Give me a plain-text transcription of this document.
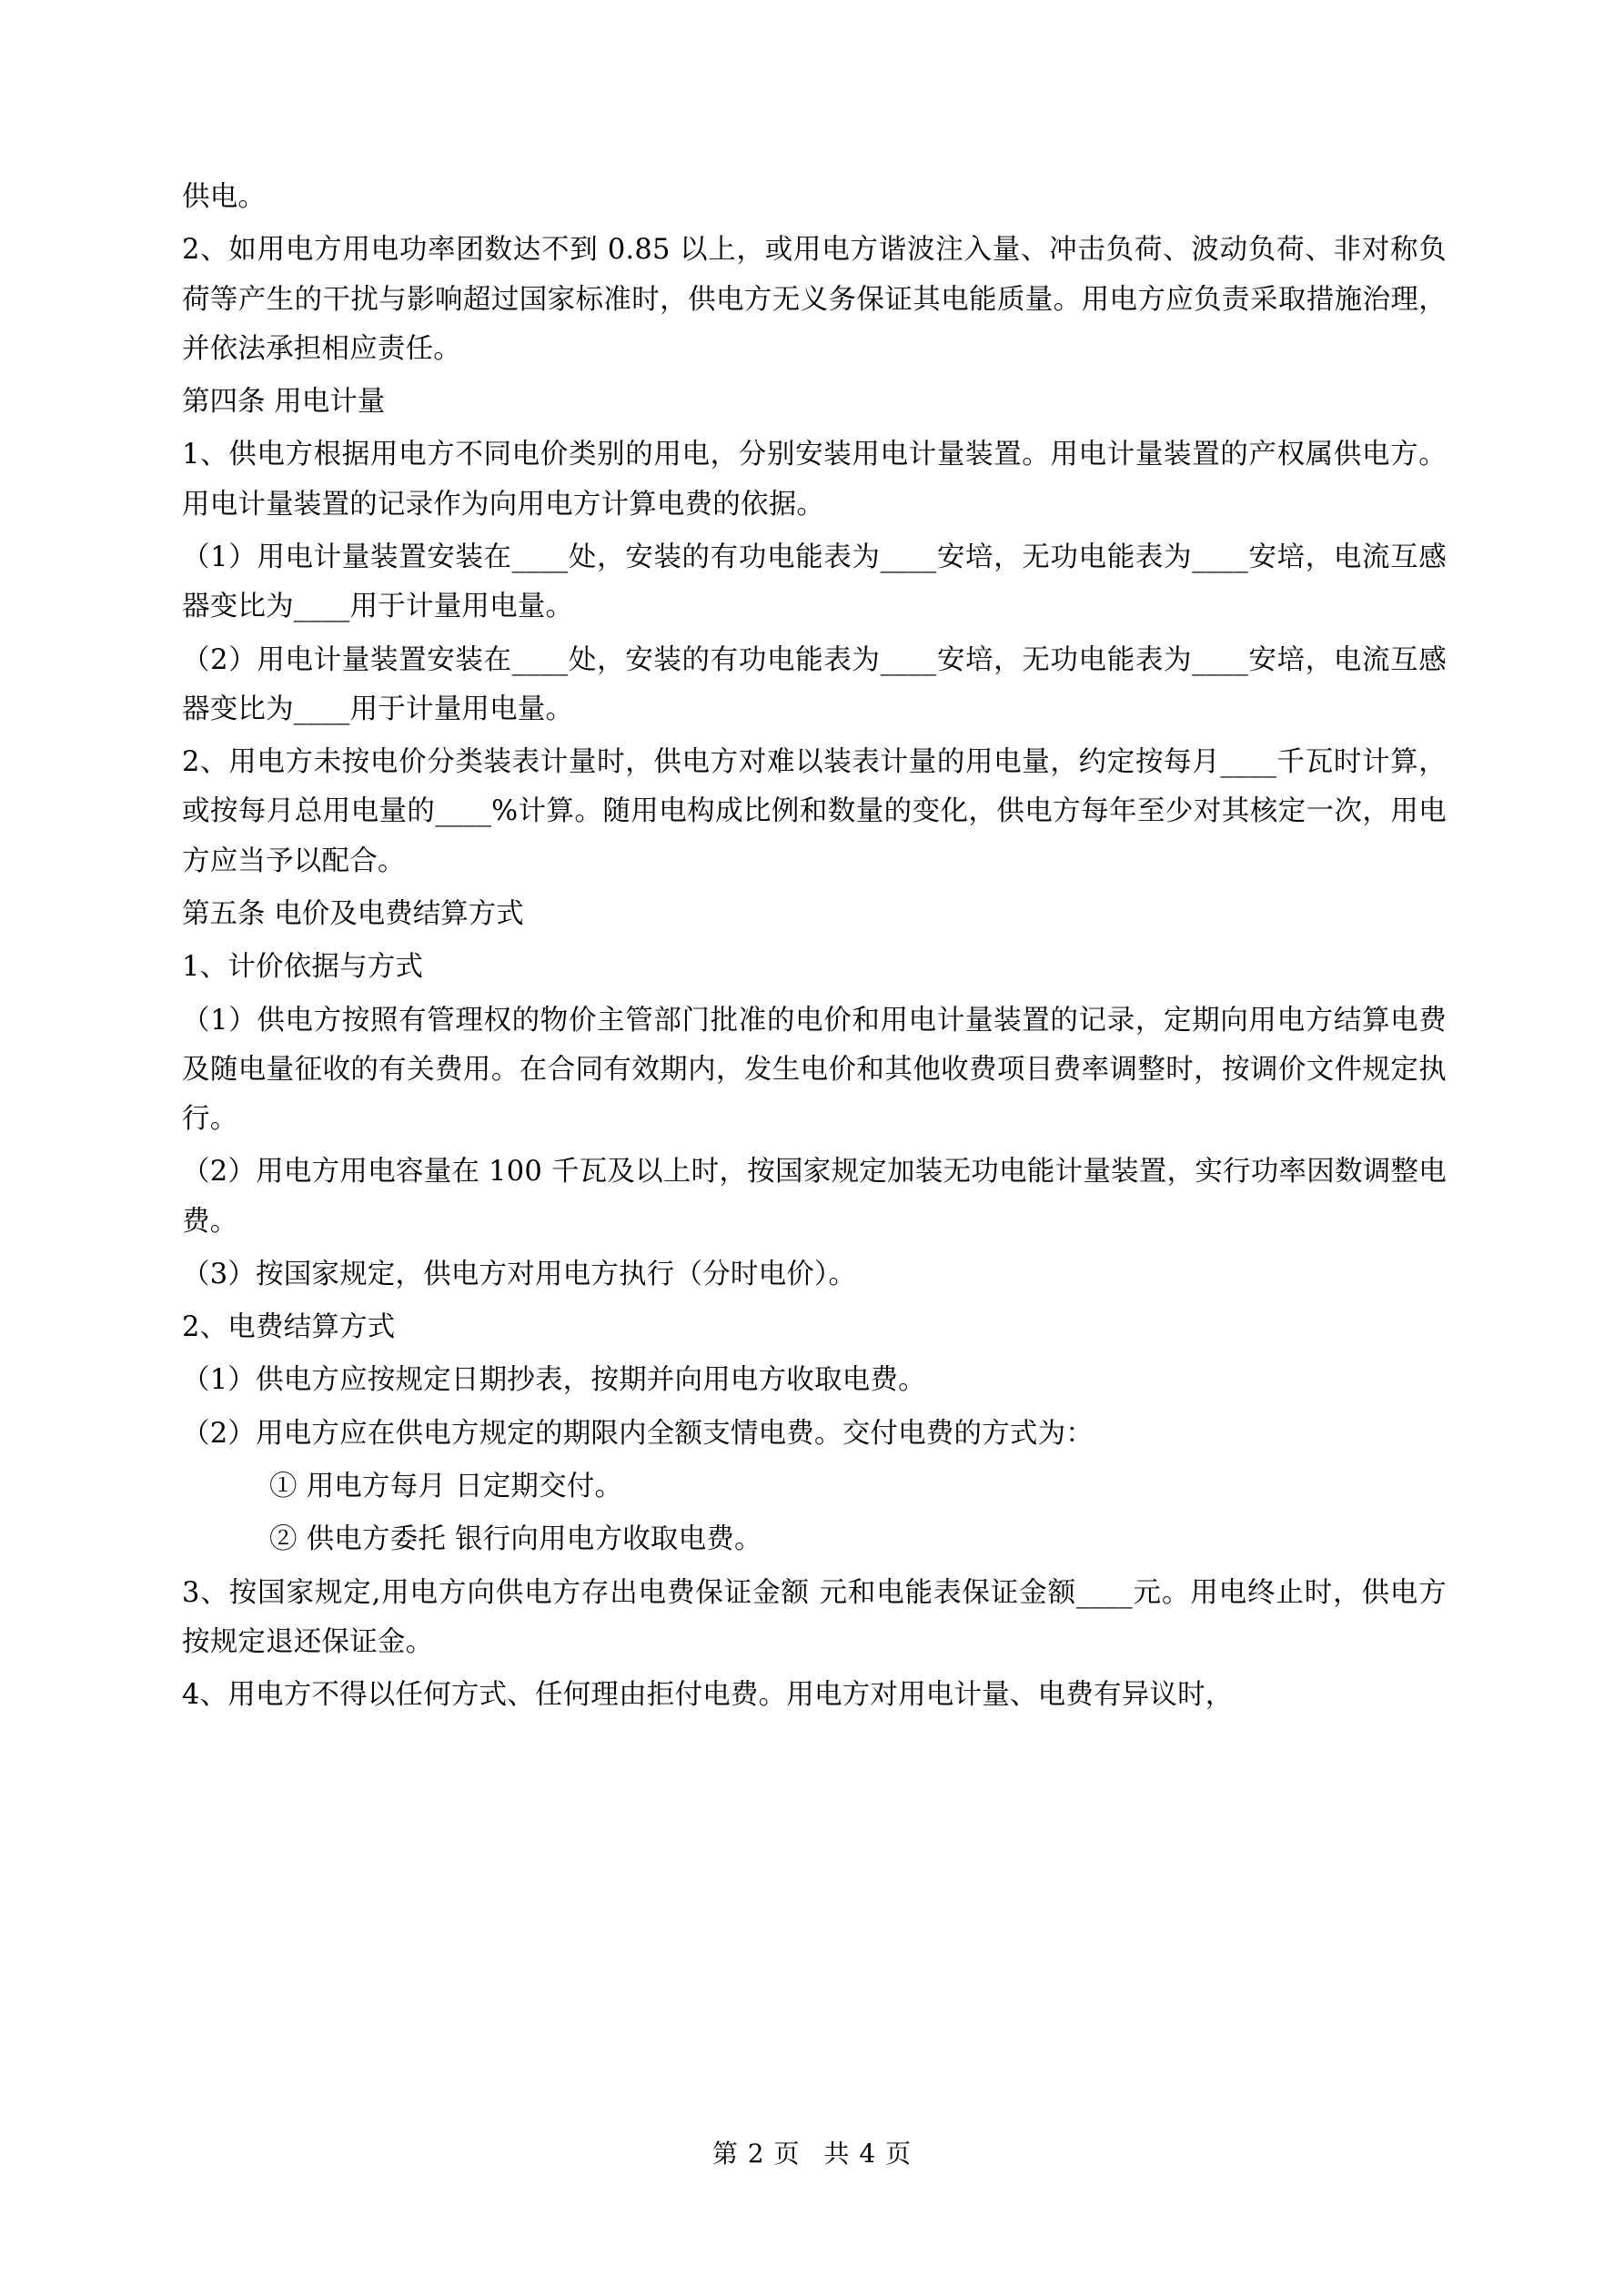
供电。

2、如用电方用电功率团数达不到 0.85 以上，或用电方谐波注入量、冲击负荷、波动负荷、非对称负荷等产生的干扰与影响超过国家标准时，供电方无义务保证其电能质量。用电方应负责采取措施治理，并依法承担相应责任。

第四条 用电计量

1、供电方根据用电方不同电价类别的用电，分别安装用电计量装置。用电计量装置的产权属供电方。用电计量装置的记录作为向用电方计算电费的依据。

（1）用电计量装置安装在____处，安装的有功电能表为____安培，无功电能表为____安培，电流互感器变比为____用于计量用电量。

（2）用电计量装置安装在____处，安装的有功电能表为____安培，无功电能表为____安培，电流互感器变比为____用于计量用电量。

2、用电方未按电价分类装表计量时，供电方对难以装表计量的用电量，约定按每月____千瓦时计算，或按每月总用电量的____%计算。随用电构成比例和数量的变化，供电方每年至少对其核定一次，用电方应当予以配合。

第五条 电价及电费结算方式

1、计价依据与方式

（1）供电方按照有管理权的物价主管部门批准的电价和用电计量装置的记录，定期向用电方结算电费及随电量征收的有关费用。在合同有效期内，发生电价和其他收费项目费率调整时，按调价文件规定执行。

（2）用电方用电容量在 100 千瓦及以上时，按国家规定加装无功电能计量装置，实行功率因数调整电费。

（3）按国家规定，供电方对用电方执行（分时电价）。

2、电费结算方式

（1）供电方应按规定日期抄表，按期并向用电方收取电费。

（2）用电方应在供电方规定的期限内全额支情电费。交付电费的方式为：

① 用电方每月 日定期交付。

② 供电方委托 银行向用电方收取电费。

3、按国家规定,用电方向供电方存出电费保证金额 元和电能表保证金额____元。用电终止时，供电方按规定退还保证金。

4、用电方不得以任何方式、任何理由拒付电费。用电方对用电计量、电费有异议时，

第 2 页 共 4 页
